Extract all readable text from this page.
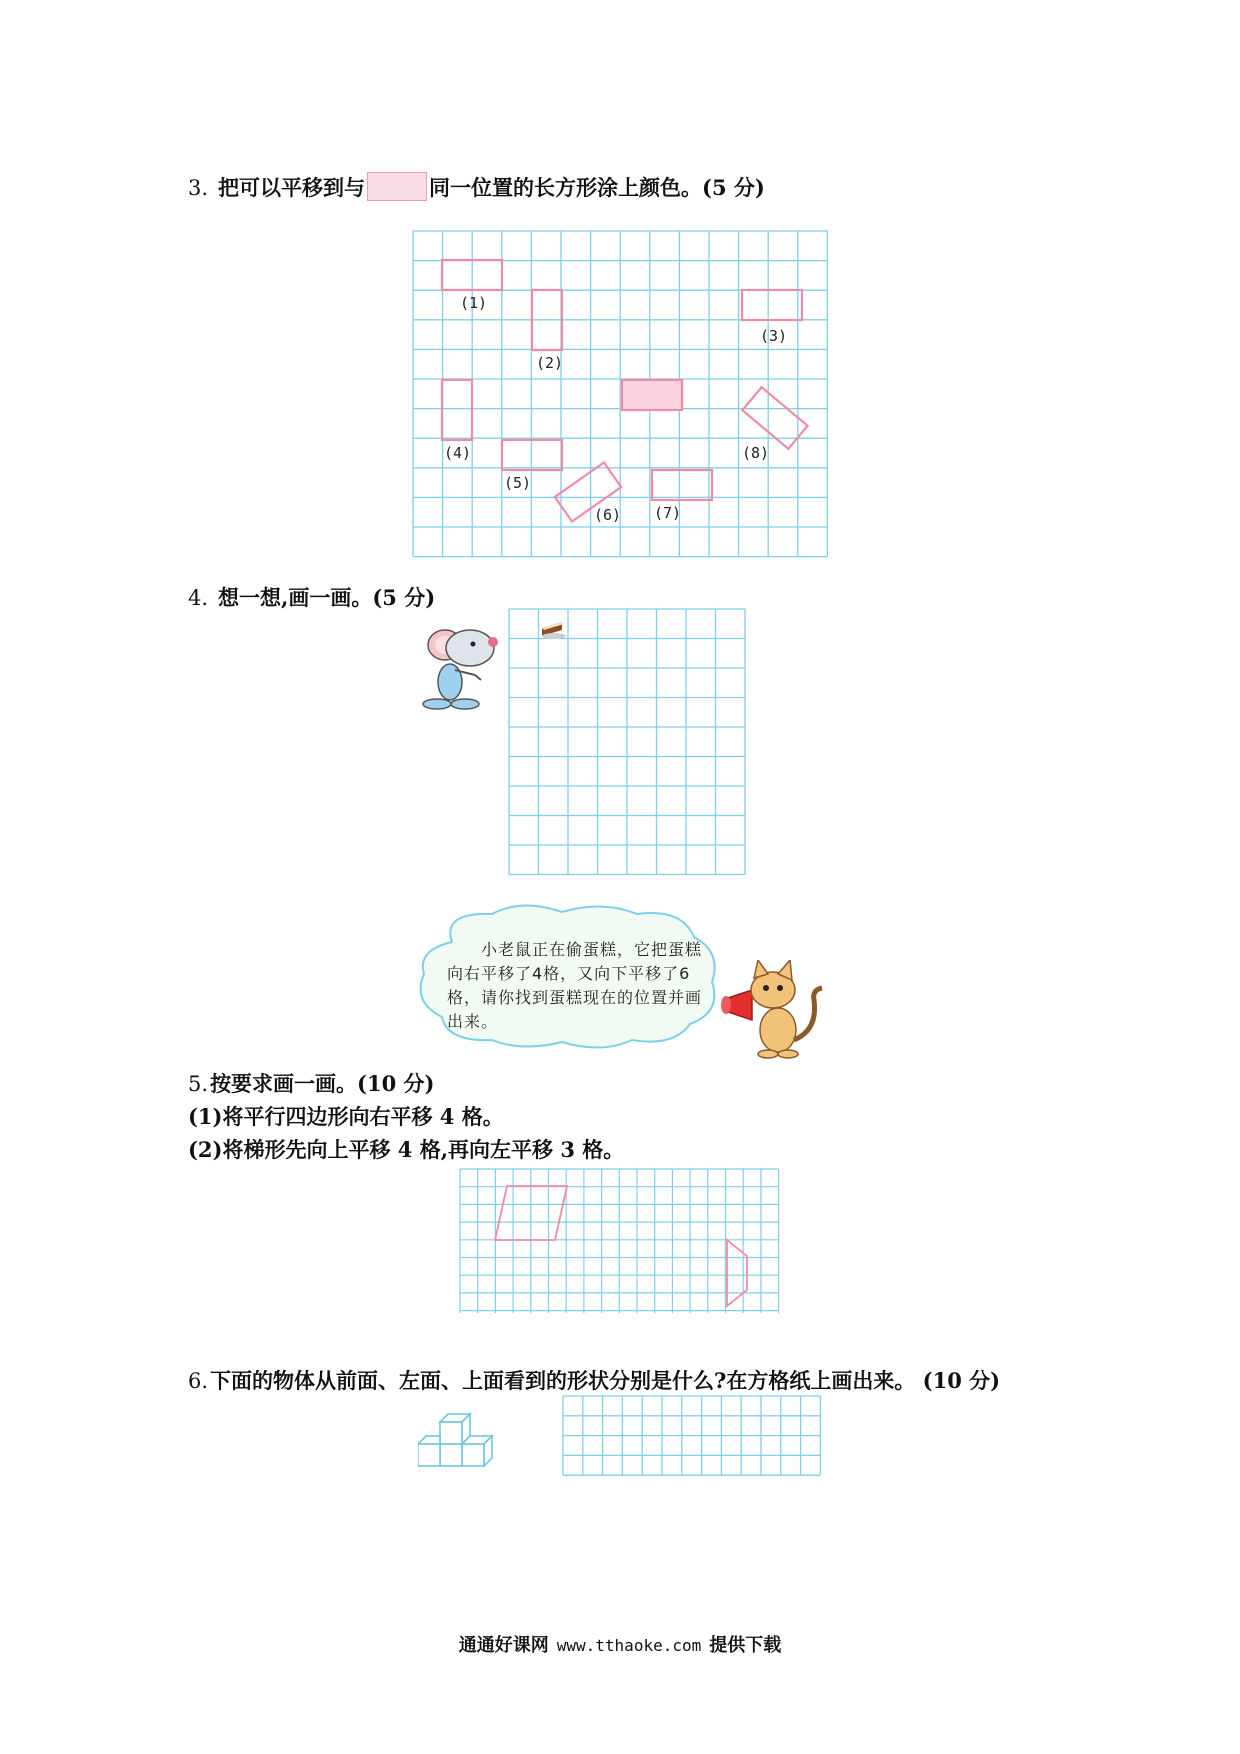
3. 把可以平移到与	同一位置的长方形涂上颜色。(5 分)
(1)
(2)
(3)
(4)
(5)
(6) (7)
(8)
4. 想一想,画一画。(5 分)
小老鼠正在偷蛋糕，它把蛋糕向右平移了4格，又向下平移了6格，请你找到蛋糕现在的位置并画出来。
5.按要求画一画。(10 分)
(1)将平行四边形向右平移 4 格。
(2)将梯形先向上平移 4 格,再向左平移 3 格。
6.下面的物体从前面、左面、上面看到的形状分别是什么?在方格纸上画出来。 (10 分)
通通好课网 www.tthaoke.com 提供下载
